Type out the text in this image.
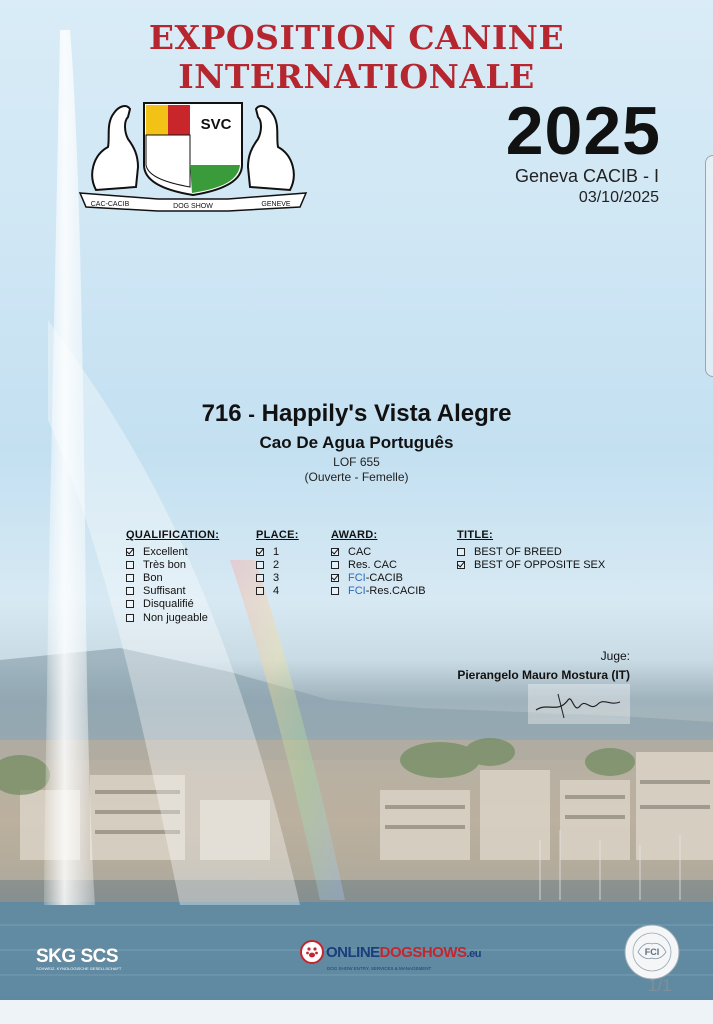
EXPOSITION CANINE INTERNATIONALE
SVC
CAC-CACIB	DOG SHOW	GENEVE
2025
Geneva CACIB - I
03/10/2025
716 - Happily's Vista Alegre
Cao De Agua Português
LOF 655
(Ouverte - Femelle)
QUALIFICATION:
Excellent
Très bon
Bon
Suffisant
Disqualifié
Non jugeable
PLACE:
1
2
3
4
AWARD:
CAC
Res. CAC
FCI -CACIB
FCI -Res.CACIB
TITLE:
BEST OF BREED
BEST OF OPPOSITE SEX
Juge:
Pierangelo Mauro Mostura (IT)
SKG SCS
SCHWEIZ. KYNOLOGISCHE GESELLSCHAFT
ONLINEDOGSHOWS.eu
DOG SHOW ENTRY, SERVICES & MANAGEMENT
FCI
1/1
